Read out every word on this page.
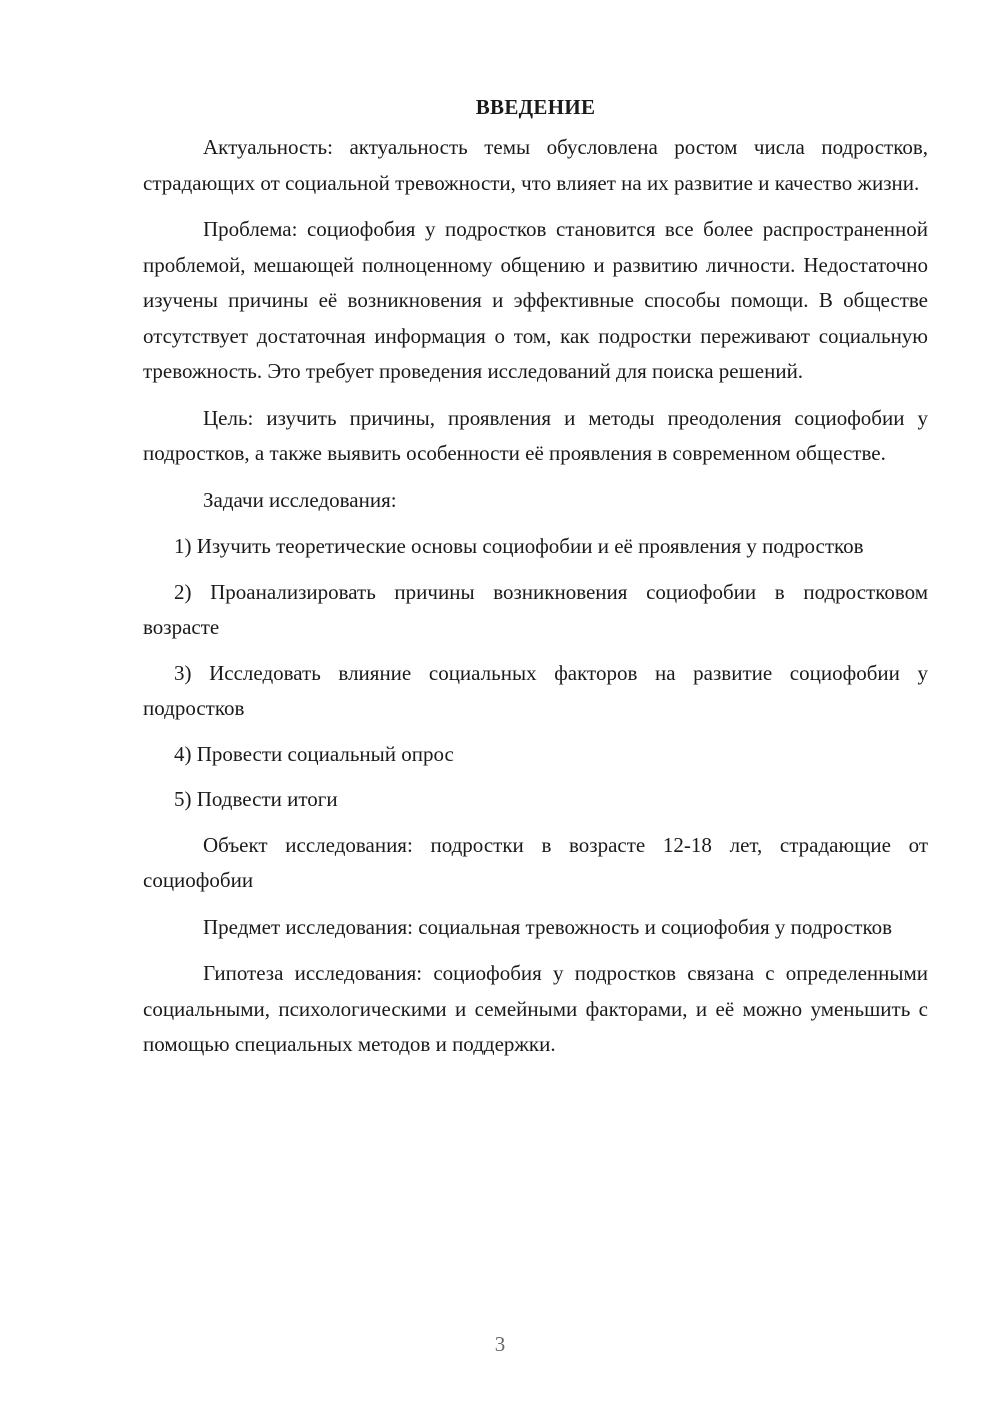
ВВЕДЕНИЕ

Актуальность: актуальность темы обусловлена ростом числа подростков, страдающих от социальной тревожности, что влияет на их развитие и качество жизни.

Проблема: социофобия у подростков становится все более распространенной проблемой, мешающей полноценному общению и развитию личности. Недостаточно изучены причины её возникновения и эффективные способы помощи. В обществе отсутствует достаточная информация о том, как подростки переживают социальную тревожность. Это требует проведения исследований для поиска решений.

Цель: изучить причины, проявления и методы преодоления социофобии у подростков, а также выявить особенности её проявления в современном обществе.

Задачи исследования:

1) Изучить теоретические основы социофобии и её проявления у подростков

2) Проанализировать причины возникновения социофобии в подростковом возрасте

3) Исследовать влияние социальных факторов на развитие социофобии у подростков

4) Провести социальный опрос

5) Подвести итоги

Объект исследования: подростки в возрасте 12-18 лет, страдающие от социофобии

Предмет исследования: социальная тревожность и социофобия у подростков

Гипотеза исследования: социофобия у подростков связана с определенными социальными, психологическими и семейными факторами, и её можно уменьшить с помощью специальных методов и поддержки.

3
